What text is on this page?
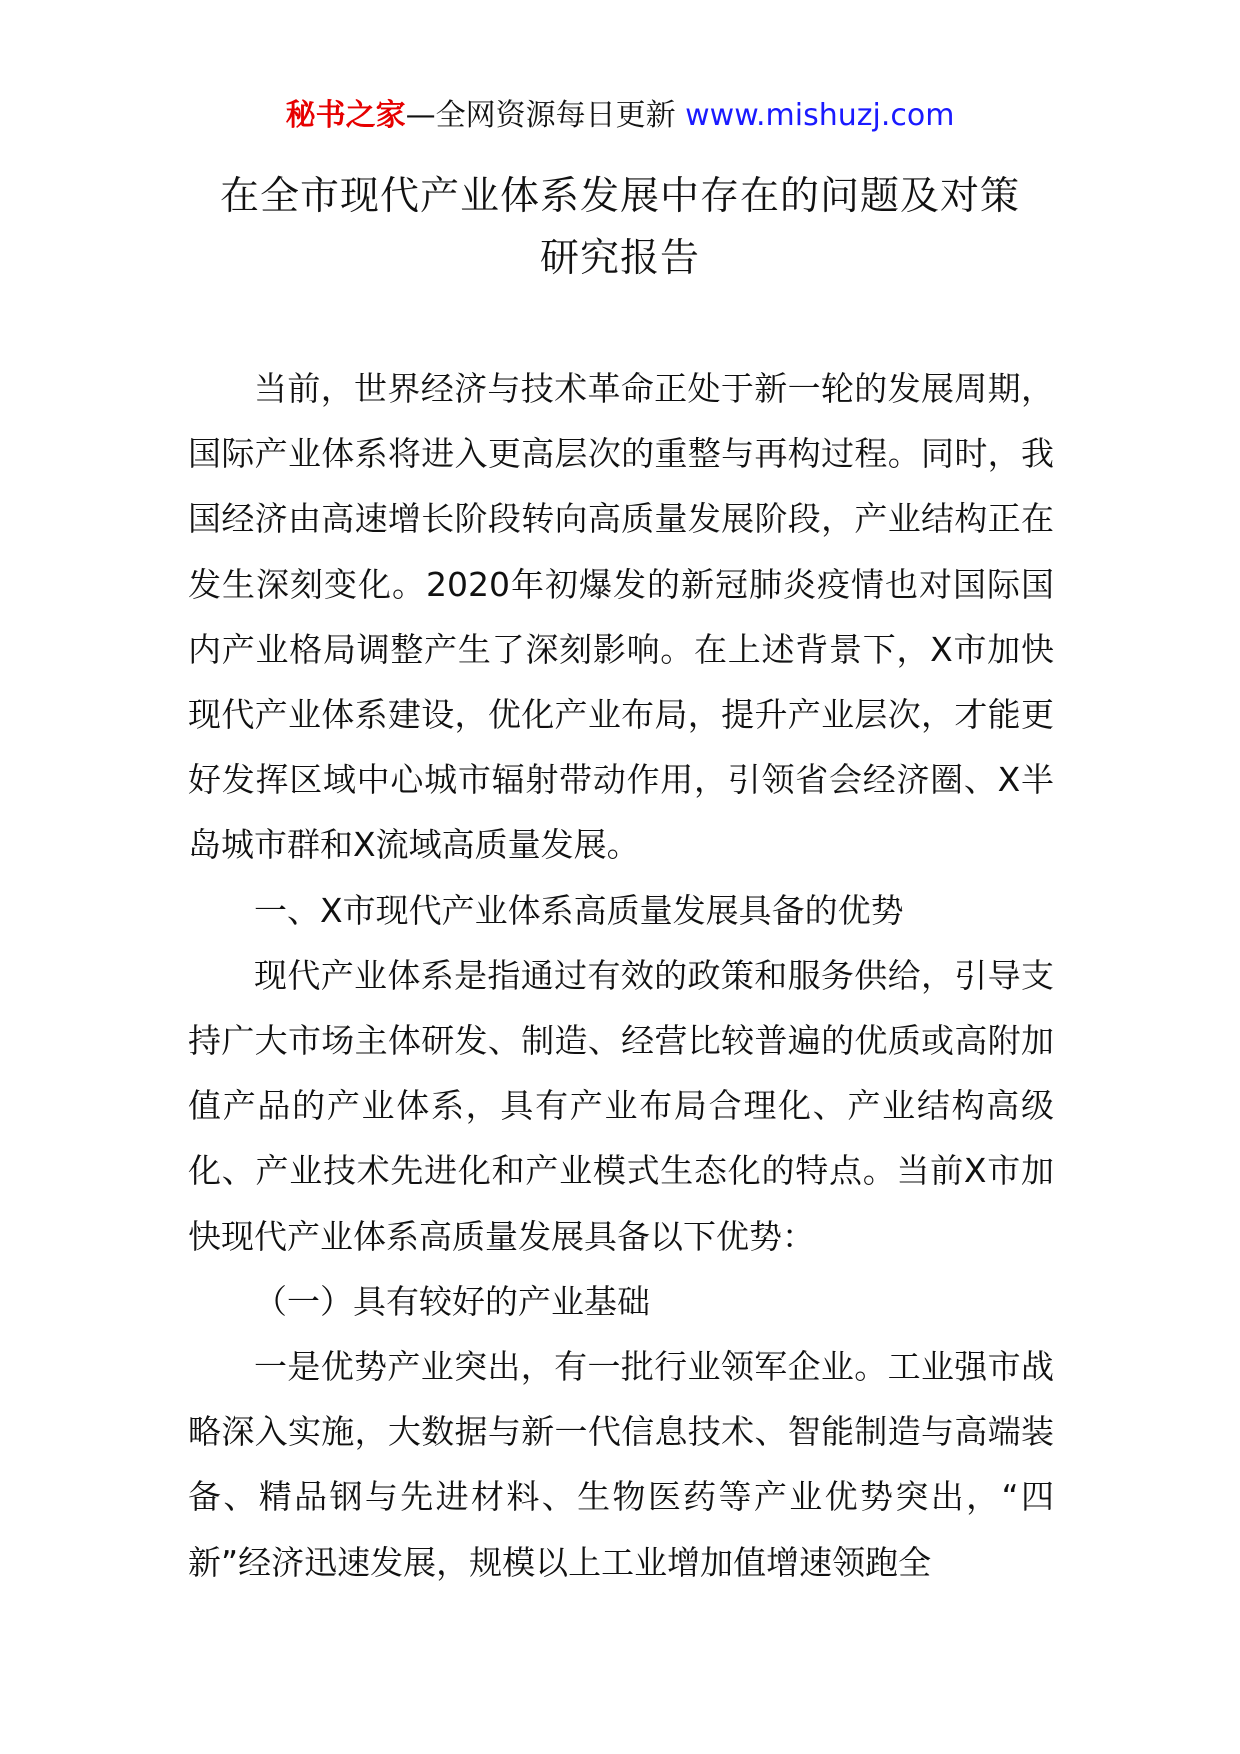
秘书之家—全网资源每日更新 www.mishuzj.com
在全市现代产业体系发展中存在的问题及对策
研究报告

当前，世界经济与技术革命正处于新一轮的发展周期，国际产业体系将进入更高层次的重整与再构过程。同时，我国经济由高速增长阶段转向高质量发展阶段，产业结构正在发生深刻变化。2020年初爆发的新冠肺炎疫情也对国际国内产业格局调整产生了深刻影响。在上述背景下，X市加快现代产业体系建设，优化产业布局，提升产业层次，才能更好发挥区域中心城市辐射带动作用，引领省会经济圈、X半岛城市群和X流域高质量发展。

一、X市现代产业体系高质量发展具备的优势

现代产业体系是指通过有效的政策和服务供给，引导支持广大市场主体研发、制造、经营比较普遍的优质或高附加值产品的产业体系，具有产业布局合理化、产业结构高级化、产业技术先进化和产业模式生态化的特点。当前X市加快现代产业体系高质量发展具备以下优势：

（一）具有较好的产业基础

一是优势产业突出，有一批行业领军企业。工业强市战略深入实施，大数据与新一代信息技术、智能制造与高端装备、精品钢与先进材料、生物医药等产业优势突出，“四新”经济迅速发展，规模以上工业增加值增速领跑全
